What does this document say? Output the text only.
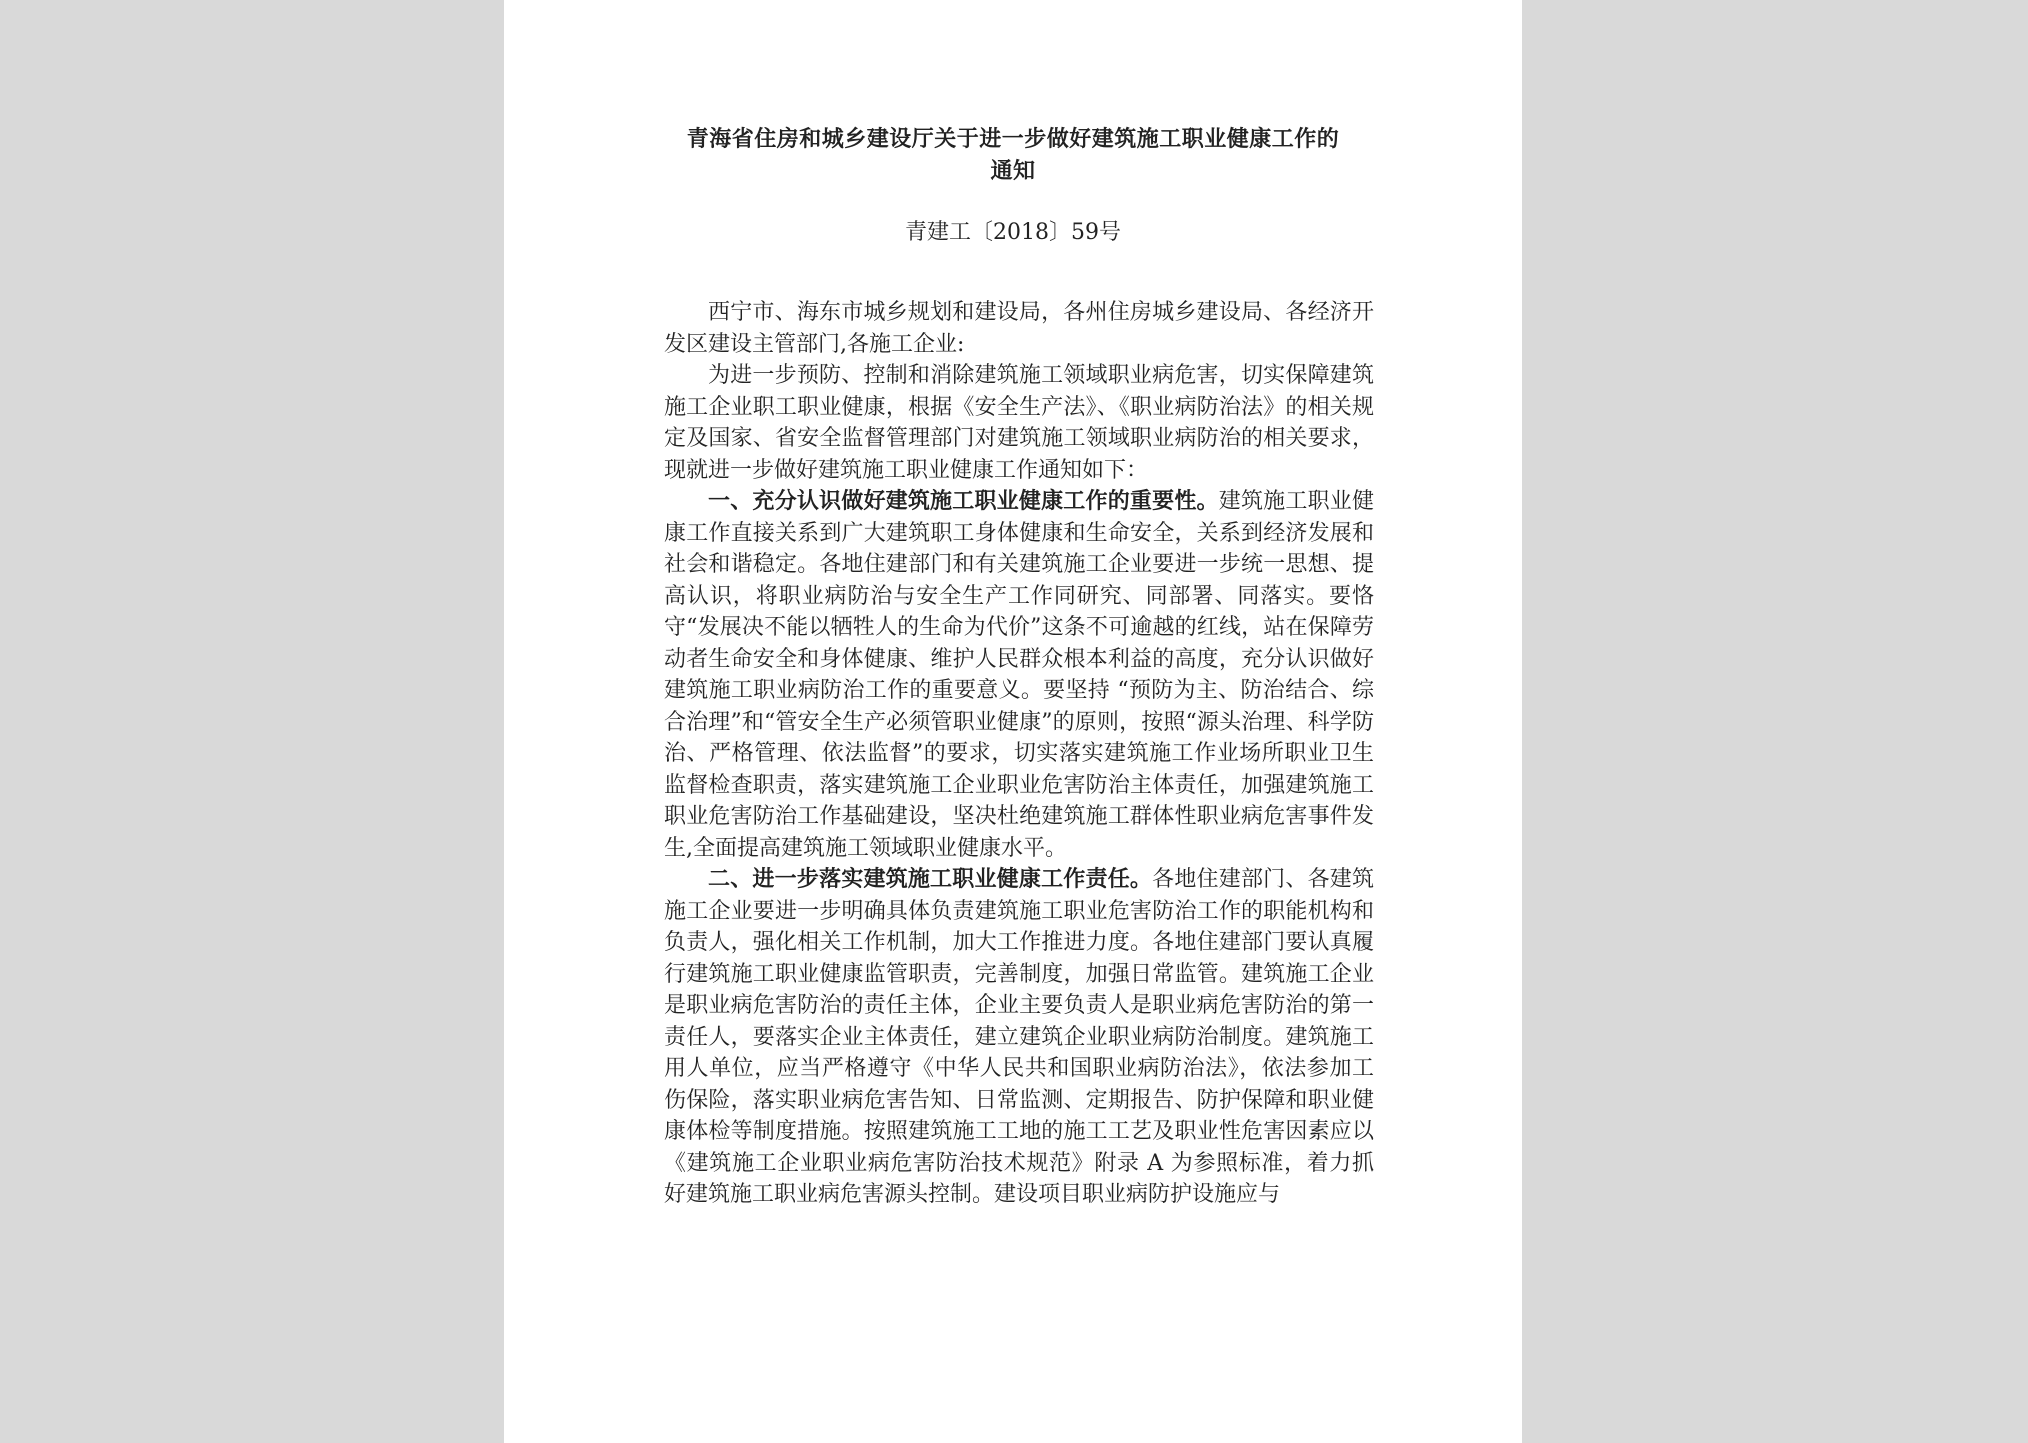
青海省住房和城乡建设厅关于进一步做好建筑施工职业健康工作的
通知
青建工〔2018〕59号

西宁市、海东市城乡规划和建设局，各州住房城乡建设局、各经济开发区建设主管部门,各施工企业:

为进一步预防、控制和消除建筑施工领域职业病危害，切实保障建筑施工企业职工职业健康，根据《安全生产法》、《职业病防治法》的相关规定及国家、省安全监督管理部门对建筑施工领域职业病防治的相关要求，现就进一步做好建筑施工职业健康工作通知如下：

一、充分认识做好建筑施工职业健康工作的重要性。建筑施工职业健康工作直接关系到广大建筑职工身体健康和生命安全，关系到经济发展和社会和谐稳定。各地住建部门和有关建筑施工企业要进一步统一思想、提高认识，将职业病防治与安全生产工作同研究、同部署、同落实。要恪守“发展决不能以牺牲人的生命为代价”这条不可逾越的红线，站在保障劳动者生命安全和身体健康、维护人民群众根本利益的高度，充分认识做好建筑施工职业病防治工作的重要意义。要坚持 “预防为主、防治结合、综合治理”和“管安全生产必须管职业健康”的原则，按照“源头治理、科学防治、严格管理、依法监督”的要求，切实落实建筑施工作业场所职业卫生监督检查职责，落实建筑施工企业职业危害防治主体责任，加强建筑施工职业危害防治工作基础建设，坚决杜绝建筑施工群体性职业病危害事件发生,全面提高建筑施工领域职业健康水平。

二、进一步落实建筑施工职业健康工作责任。各地住建部门、各建筑施工企业要进一步明确具体负责建筑施工职业危害防治工作的职能机构和负责人，强化相关工作机制，加大工作推进力度。各地住建部门要认真履行建筑施工职业健康监管职责，完善制度，加强日常监管。建筑施工企业是职业病危害防治的责任主体，企业主要负责人是职业病危害防治的第一责任人，要落实企业主体责任，建立建筑企业职业病防治制度。建筑施工用人单位，应当严格遵守《中华人民共和国职业病防治法》，依法参加工伤保险，落实职业病危害告知、日常监测、定期报告、防护保障和职业健康体检等制度措施。按照建筑施工工地的施工工艺及职业性危害因素应以《建筑施工企业职业病危害防治技术规范》附录 A 为参照标准，着力抓好建筑施工职业病危害源头控制。建设项目职业病防护设施应与
